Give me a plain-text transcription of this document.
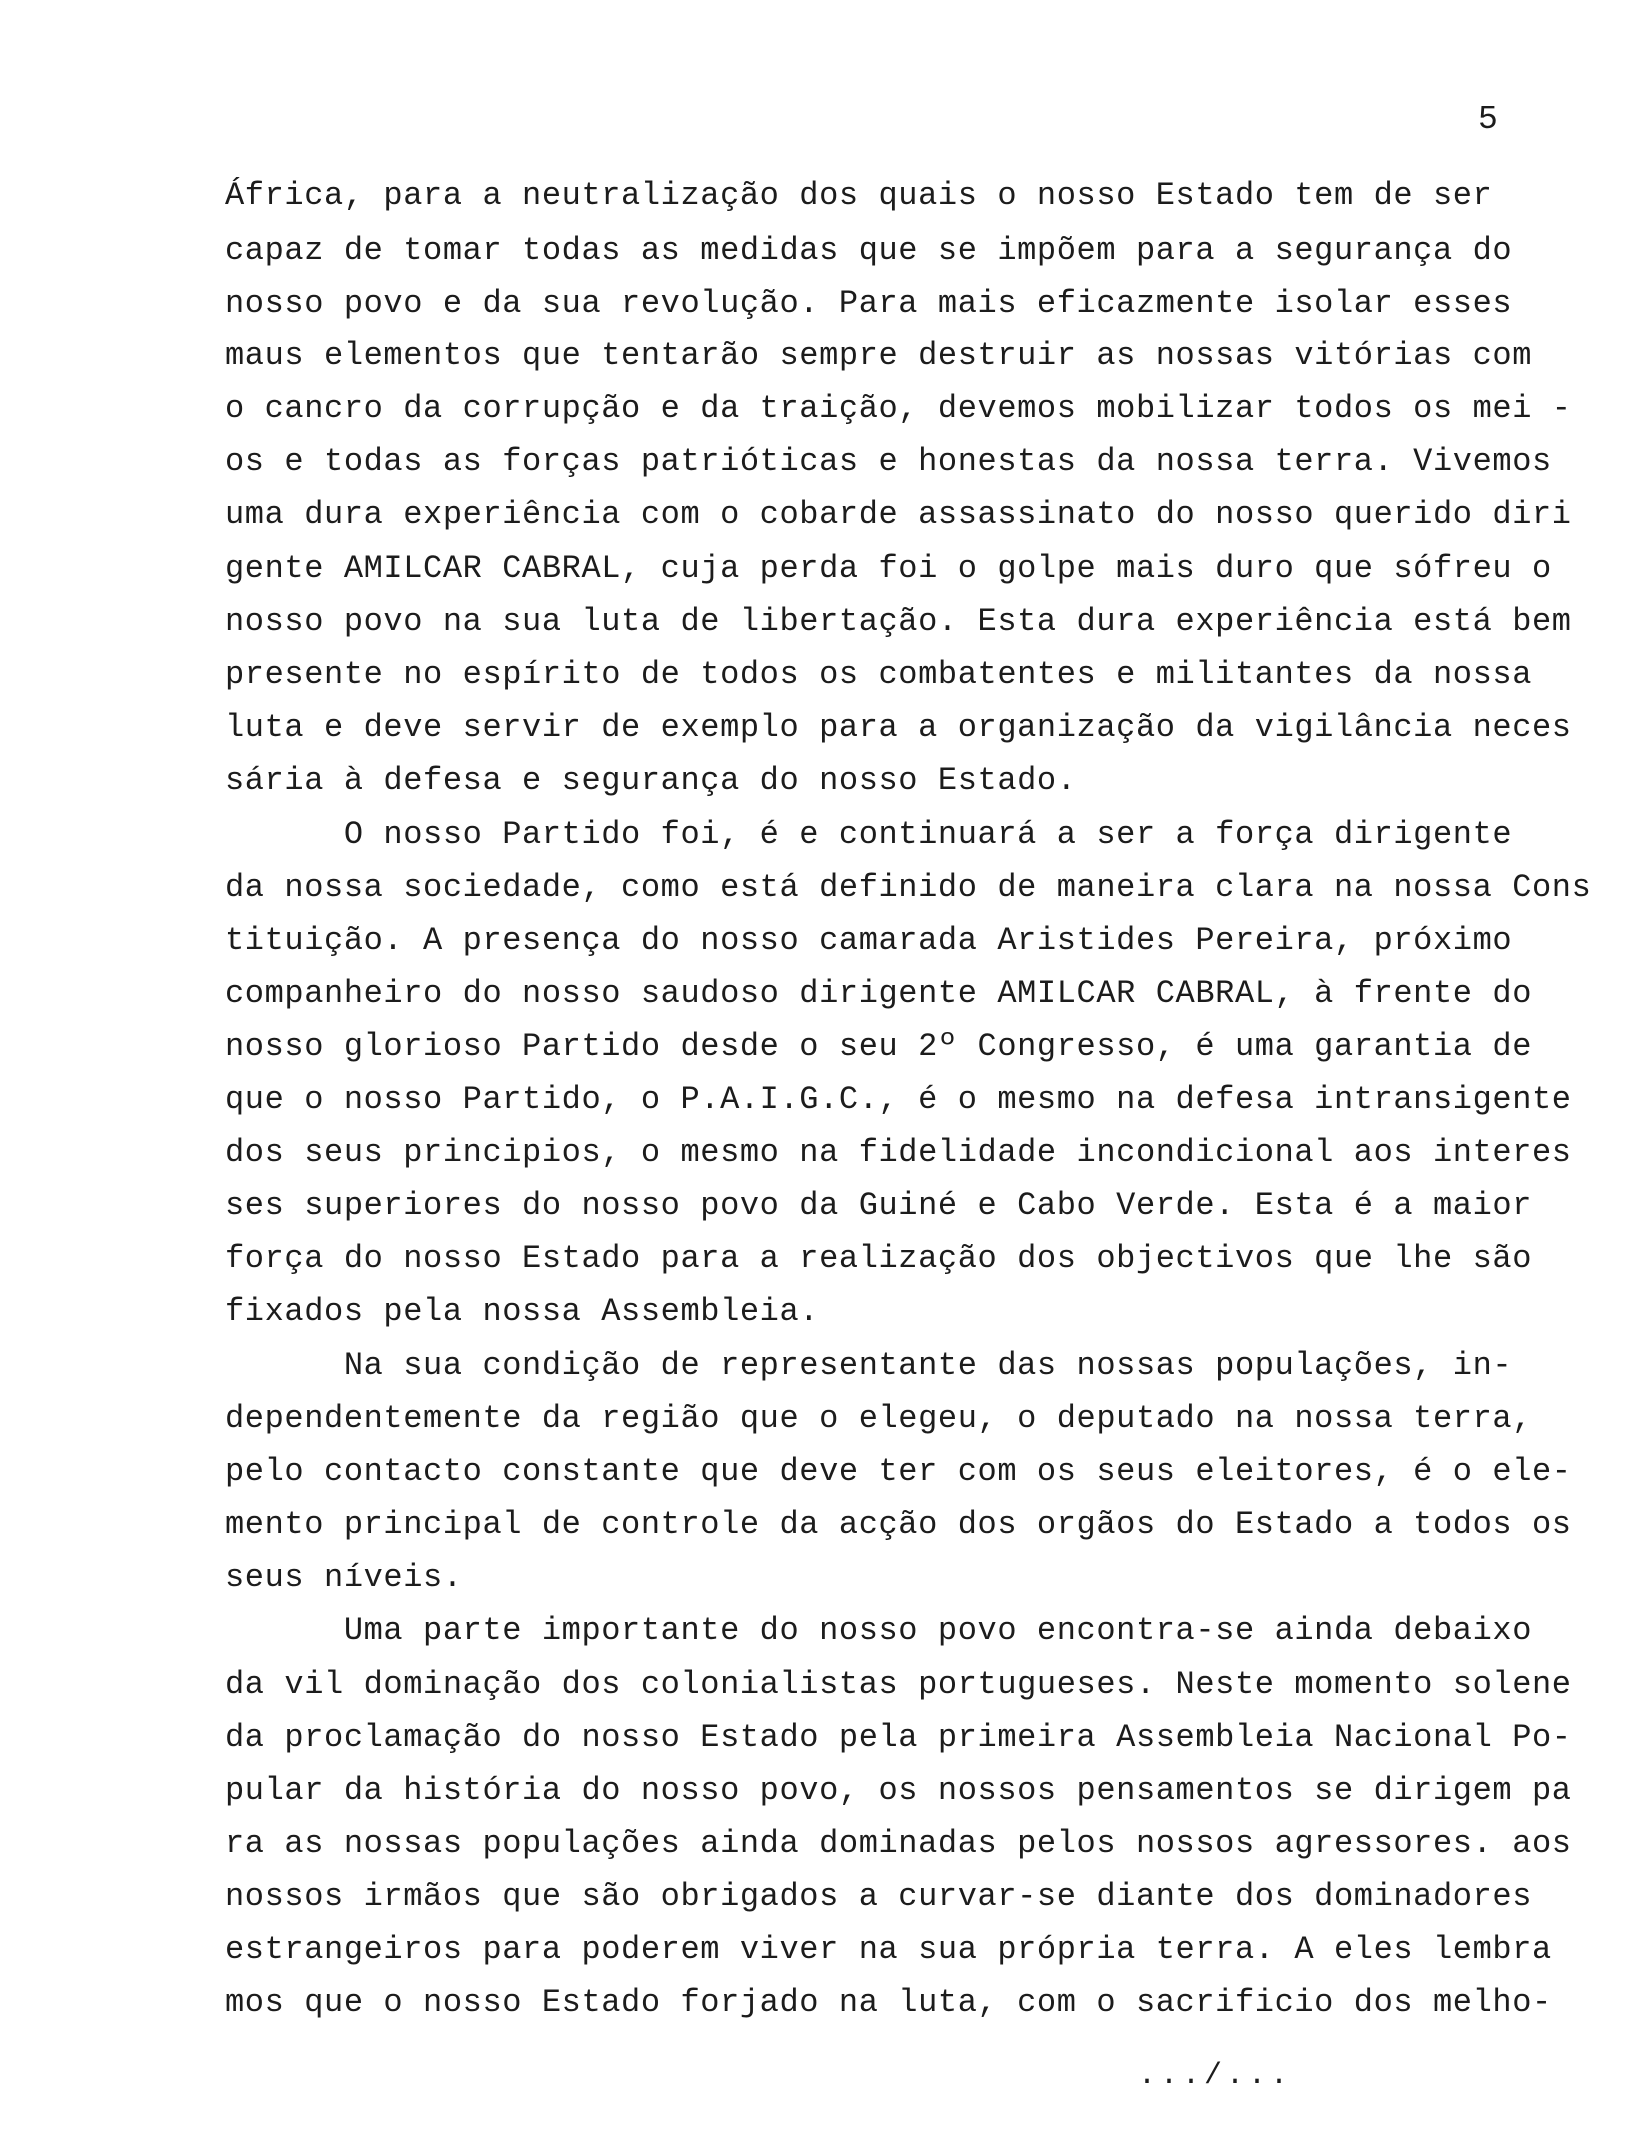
5
África, para a neutralização dos quais o nosso Estado tem de ser
capaz de tomar todas as medidas que se impõem para a segurança do
nosso povo e da sua revolução. Para mais eficazmente isolar esses
maus elementos que tentarão sempre destruir as nossas vitórias com
o cancro da corrupção e da traição, devemos mobilizar todos os mei -
os e todas as forças patrióticas e honestas da nossa terra. Vivemos
uma dura experiência com o cobarde assassinato do nosso querido diri
gente AMILCAR CABRAL, cuja perda foi o golpe mais duro que sófreu o
nosso povo na sua luta de libertação. Esta dura experiência está bem
presente no espírito de todos os combatentes e militantes da nossa
luta e deve servir de exemplo para a organização da vigilância neces
sária à defesa e segurança do nosso Estado.
O nosso Partido foi, é e continuará a ser a força dirigente
da nossa sociedade, como está definido de maneira clara na nossa Cons
tituição. A presença do nosso camarada Aristides Pereira, próximo
companheiro do nosso saudoso dirigente AMILCAR CABRAL, à frente do
nosso glorioso Partido desde o seu 2º Congresso, é uma garantia de
que o nosso Partido, o P.A.I.G.C., é o mesmo na defesa intransigente
dos seus principios, o mesmo na fidelidade incondicional aos interes
ses superiores do nosso povo da Guiné e Cabo Verde. Esta é a maior
força do nosso Estado para a realização dos objectivos que lhe são
fixados pela nossa Assembleia.
Na sua condição de representante das nossas populações, in-
dependentemente da região que o elegeu, o deputado na nossa terra,
pelo contacto constante que deve ter com os seus eleitores, é o ele-
mento principal de controle da acção dos orgãos do Estado a todos os
seus níveis.
Uma parte importante do nosso povo encontra-se ainda debaixo
da vil dominação dos colonialistas portugueses. Neste momento solene
da proclamação do nosso Estado pela primeira Assembleia Nacional Po-
pular da história do nosso povo, os nossos pensamentos se dirigem pa
ra as nossas populações ainda dominadas pelos nossos agressores. aos
nossos irmãos que são obrigados a curvar-se diante dos dominadores
estrangeiros para poderem viver na sua própria terra. A eles lembra
mos que o nosso Estado forjado na luta, com o sacrificio dos melho-
.../...
